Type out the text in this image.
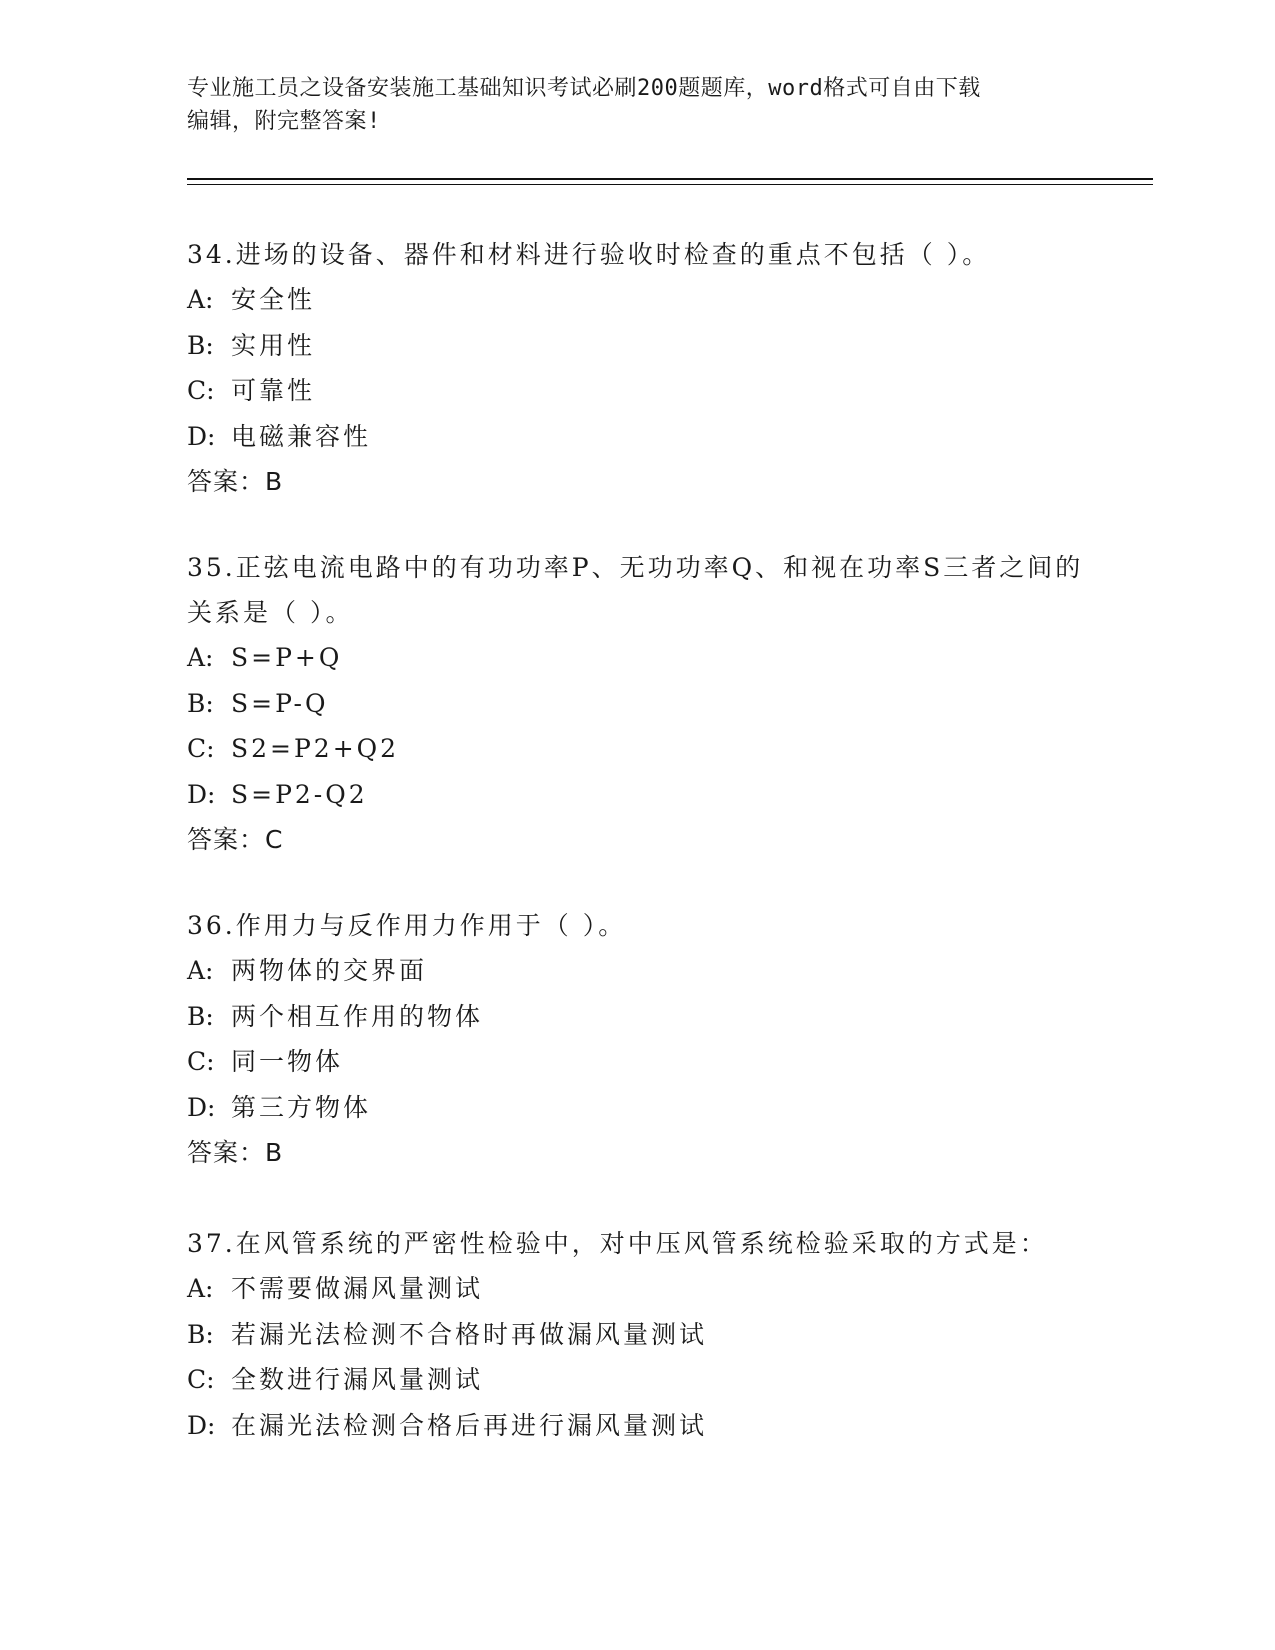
专业施工员之设备安装施工基础知识考试必刷200题题库，word格式可自由下载
编辑，附完整答案!

34.进场的设备、器件和材料进行验收时检查的重点不包括（ ）。

A: 安全性

B: 实用性

C: 可靠性

D: 电磁兼容性

答案：B

35.正弦电流电路中的有功功率P、无功功率Q、和视在功率S三者之间的关系是（ ）。

A: S=P+Q

B: S=P-Q

C: S2=P2+Q2

D: S=P2-Q2

答案：C

36.作用力与反作用力作用于（ ）。

A: 两物体的交界面

B: 两个相互作用的物体

C: 同一物体

D: 第三方物体

答案：B

37.在风管系统的严密性检验中，对中压风管系统检验采取的方式是：

A: 不需要做漏风量测试

B: 若漏光法检测不合格时再做漏风量测试

C: 全数进行漏风量测试

D: 在漏光法检测合格后再进行漏风量测试
